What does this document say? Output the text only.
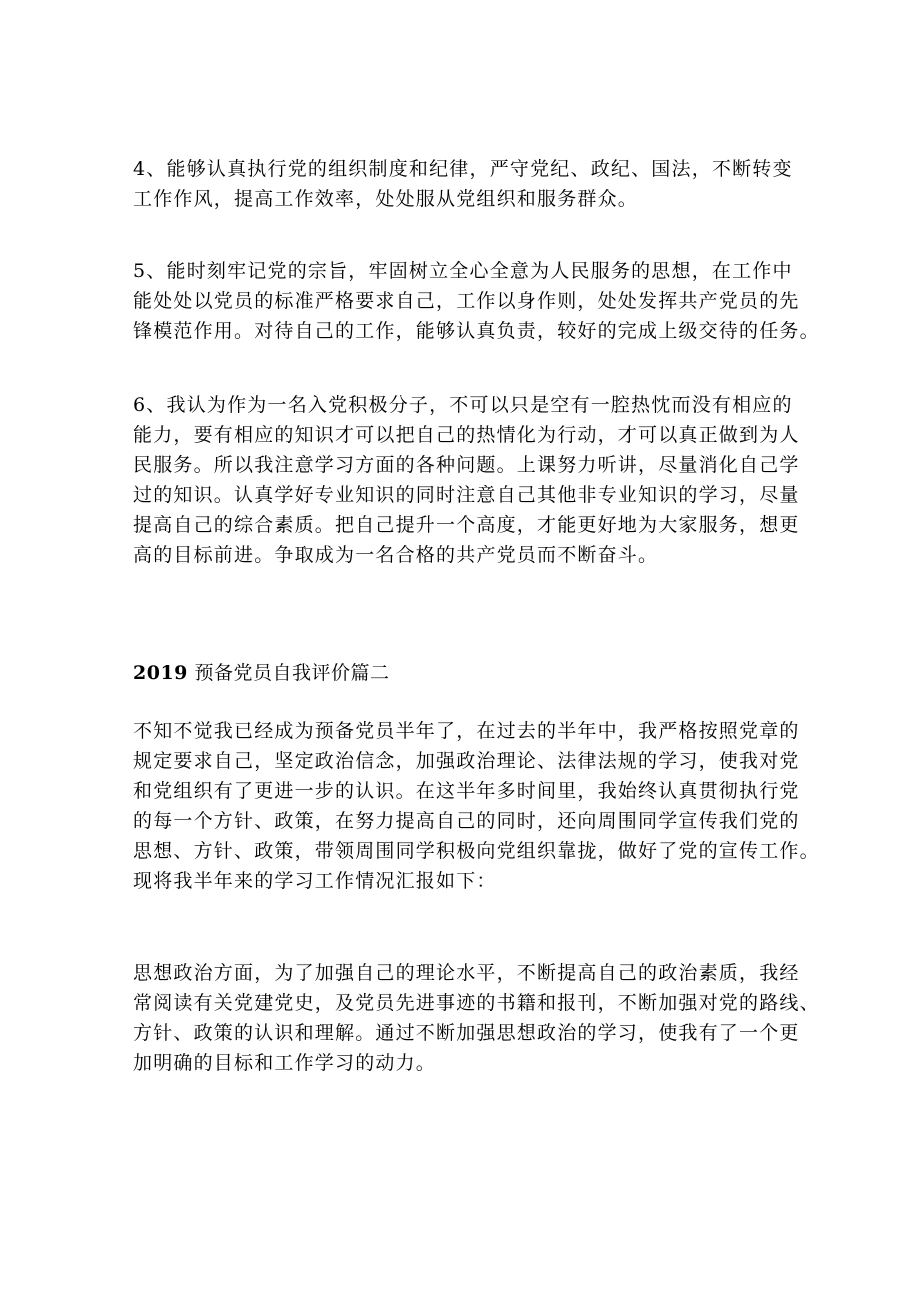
4、能够认真执行党的组织制度和纪律，严守党纪、政纪、国法，不断转变
工作作风，提高工作效率，处处服从党组织和服务群众。
5、能时刻牢记党的宗旨，牢固树立全心全意为人民服务的思想，在工作中
能处处以党员的标准严格要求自己，工作以身作则，处处发挥共产党员的先
锋模范作用。对待自己的工作，能够认真负责，较好的完成上级交待的任务。
6、我认为作为一名入党积极分子，不可以只是空有一腔热忱而没有相应的
能力，要有相应的知识才可以把自己的热情化为行动，才可以真正做到为人
民服务。所以我注意学习方面的各种问题。上课努力听讲，尽量消化自己学
过的知识。认真学好专业知识的同时注意自己其他非专业知识的学习，尽量
提高自己的综合素质。把自己提升一个高度，才能更好地为大家服务，想更
高的目标前进。争取成为一名合格的共产党员而不断奋斗。
2019 预备党员自我评价篇二
不知不觉我已经成为预备党员半年了，在过去的半年中，我严格按照党章的
规定要求自己，坚定政治信念，加强政治理论、法律法规的学习，使我对党
和党组织有了更进一步的认识。在这半年多时间里，我始终认真贯彻执行党
的每一个方针、政策，在努力提高自己的同时，还向周围同学宣传我们党的
思想、方针、政策，带领周围同学积极向党组织靠拢，做好了党的宣传工作。
现将我半年来的学习工作情况汇报如下：
思想政治方面，为了加强自己的理论水平，不断提高自己的政治素质，我经
常阅读有关党建党史，及党员先进事迹的书籍和报刊，不断加强对党的路线、
方针、政策的认识和理解。通过不断加强思想政治的学习，使我有了一个更
加明确的目标和工作学习的动力。
